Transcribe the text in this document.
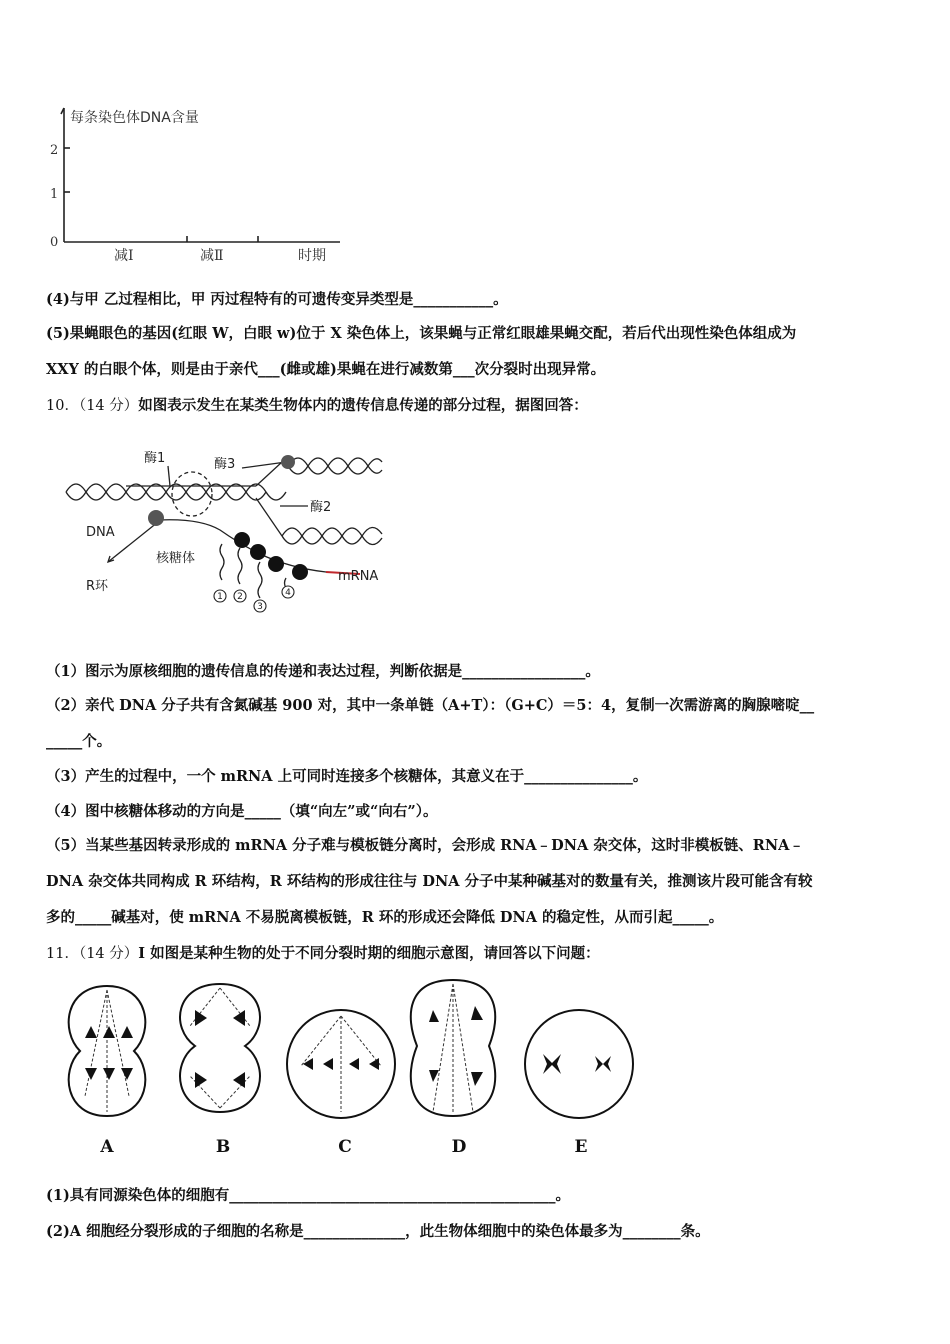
每条染色体DNA含量
2
1
0
减Ⅰ	减Ⅱ	时期
(4)与甲 乙过程相比，甲 丙过程特有的可遗传变异类型是___________。
(5)果蝇眼色的基因(红眼 W，白眼 w)位于 X 染色体上，该果蝇与正常红眼雄果蝇交配，若后代出现性染色体组成为
XXY 的白眼个体，则是由于亲代___(雌或雄)果蝇在进行减数第___次分裂时出现异常。
10．（14 分）如图表示发生在某类生物体内的遗传信息传递的部分过程，据图回答：
1 2
3
4
酶1	酶3
酶2
DNA
核糖体
R环
mRNA
（1）图示为原核细胞的遗传信息的传递和表达过程，判断依据是_________________。
（2）亲代 DNA 分子共有含氮碱基 900 对，其中一条单链（A+T）：（G+C）＝5：4，复制一次需游离的胸腺嘧啶__
_____个。
（3）产生的过程中，一个 mRNA 上可同时连接多个核糖体，其意义在于_______________。
（4）图中核糖体移动的方向是_____（填“向左”或“向右”）。
（5）当某些基因转录形成的 mRNA 分子难与模板链分离时，会形成 RNA﹣DNA 杂交体，这时非模板链、RNA﹣
DNA 杂交体共同构成 R 环结构，R 环结构的形成往往与 DNA 分子中某种碱基对的数量有关，推测该片段可能含有较
多的_____碱基对，使 mRNA 不易脱离模板链，R 环的形成还会降低 DNA 的稳定性，从而引起_____。
11．（14 分）I 如图是某种生物的处于不同分裂时期的细胞示意图，请回答以下问题：
A	B	C	D	E
(1)具有同源染色体的细胞有_____________________________________________。
(2)A 细胞经分裂形成的子细胞的名称是______________，此生物体细胞中的染色体最多为________条。
